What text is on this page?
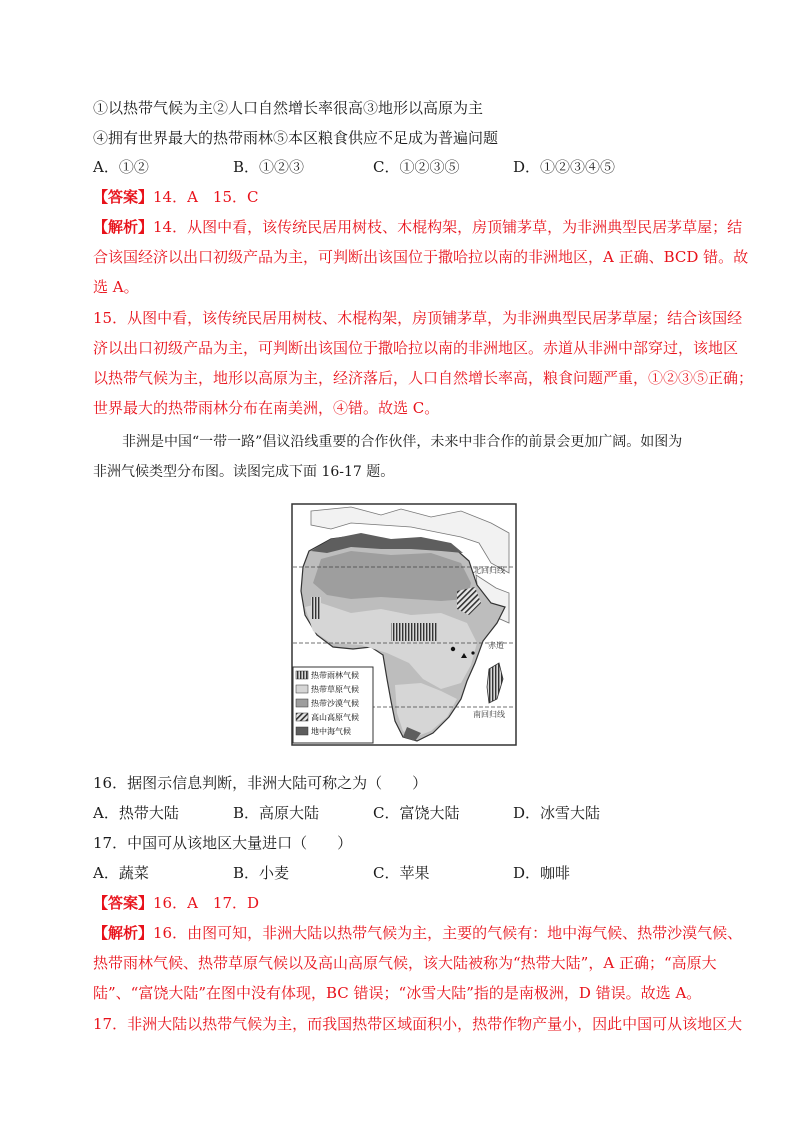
①以热带气候为主②人口自然增长率很高③地形以高原为主
④拥有世界最大的热带雨林⑤本区粮食供应不足成为普遍问题
A．①②	B．①②③	C．①②③⑤	D．①②③④⑤
【答案】14．A　15．C
【解析】14．从图中看，该传统民居用树枝、木棍构架，房顶铺茅草，为非洲典型民居茅草屋；结
合该国经济以出口初级产品为主，可判断出该国位于撒哈拉以南的非洲地区，A 正确、BCD 错。故
选 A。
15．从图中看，该传统民居用树枝、木棍构架，房顶铺茅草，为非洲典型民居茅草屋；结合该国经
济以出口初级产品为主，可判断出该国位于撒哈拉以南的非洲地区。赤道从非洲中部穿过，该地区
以热带气候为主，地形以高原为主，经济落后，人口自然增长率高，粮食问题严重，①②③⑤正确；
世界最大的热带雨林分布在南美洲，④错。故选 C。
非洲是中国“一带一路”倡议沿线重要的合作伙伴，未来中非合作的前景会更加广阔。如图为
非洲气候类型分布图。读图完成下面 16-17 题。
北回归线
赤道
南回归线
热带雨林气候
热带草原气候
热带沙漠气候
高山高原气候
地中海气候
16．据图示信息判断，非洲大陆可称之为（　　）
A．热带大陆	B．高原大陆	C．富饶大陆	D．冰雪大陆
17．中国可从该地区大量进口（　　）
A．蔬菜	B．小麦	C．苹果	D．咖啡
【答案】16．A　17．D
【解析】16．由图可知，非洲大陆以热带气候为主，主要的气候有：地中海气候、热带沙漠气候、
热带雨林气候、热带草原气候以及高山高原气候，该大陆被称为“热带大陆”，A 正确；“高原大
陆”、“富饶大陆”在图中没有体现，BC 错误；“冰雪大陆”指的是南极洲，D 错误。故选 A。
17．非洲大陆以热带气候为主，而我国热带区域面积小，热带作物产量小，因此中国可从该地区大
